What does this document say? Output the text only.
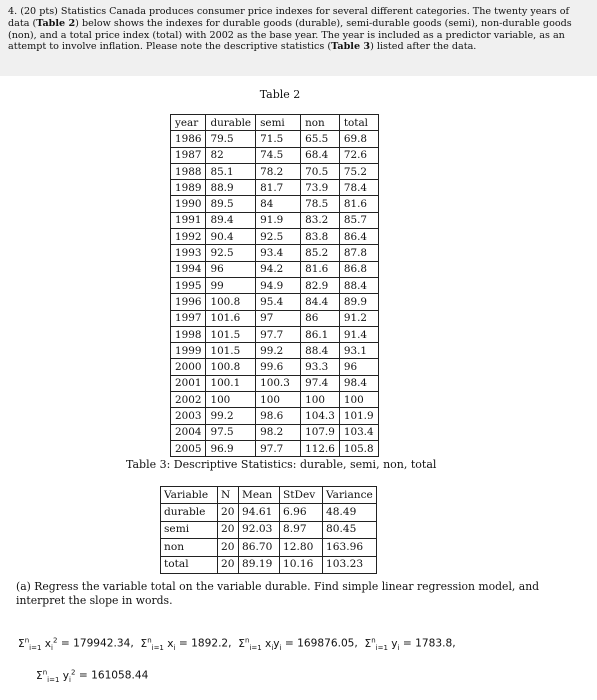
4. (20 pts) Statistics Canada produces consumer price indexes for several different categories. The twenty years of data (Table 2) below shows the indexes for durable goods (durable), semi-durable goods (semi), non-durable goods (non), and a total price index (total) with 2002 as the base year. The year is included as a predictor variable, as an attempt to involve inflation. Please note the descriptive statistics (Table 3) listed after the data.

Table 2
year	durable	semi	non	total
1986	79.5	71.5	65.5	69.8
1987	82	74.5	68.4	72.6
1988	85.1	78.2	70.5	75.2
1989	88.9	81.7	73.9	78.4
1990	89.5	84	78.5	81.6
1991	89.4	91.9	83.2	85.7
1992	90.4	92.5	83.8	86.4
1993	92.5	93.4	85.2	87.8
1994	96	94.2	81.6	86.8
1995	99	94.9	82.9	88.4
1996	100.8	95.4	84.4	89.9
1997	101.6	97	86	91.2
1998	101.5	97.7	86.1	91.4
1999	101.5	99.2	88.4	93.1
2000	100.8	99.6	93.3	96
2001	100.1	100.3	97.4	98.4
2002	100	100	100	100
2003	99.2	98.6	104.3	101.9
2004	97.5	98.2	107.9	103.4
2005	96.9	97.7	112.6	105.8
Table 3: Descriptive Statistics: durable, semi, non, total
Variable	N	Mean	StDev	Variance
durable	20	94.61	6.96	48.49
semi	20	92.03	8.97	80.45
non	20	86.70	12.80	163.96
total	20	89.19	10.16	103.23

(a) Regress the variable total on the variable durable. Find simple linear regression model, and interpret the slope in words.

$\Sigma^n_{i=1}$ $x_i^2 = 179942.34$,  $\Sigma^n_{i=1}$ $x_i = 1892.2$,  $\Sigma^n_{i=1}$ $x_iy_i = 169876.05$,  $\Sigma^n_{i=1}$ $y_i = 1783.8$,
$\Sigma^n_{i=1}$ $y_i^2 = 161058.44$
